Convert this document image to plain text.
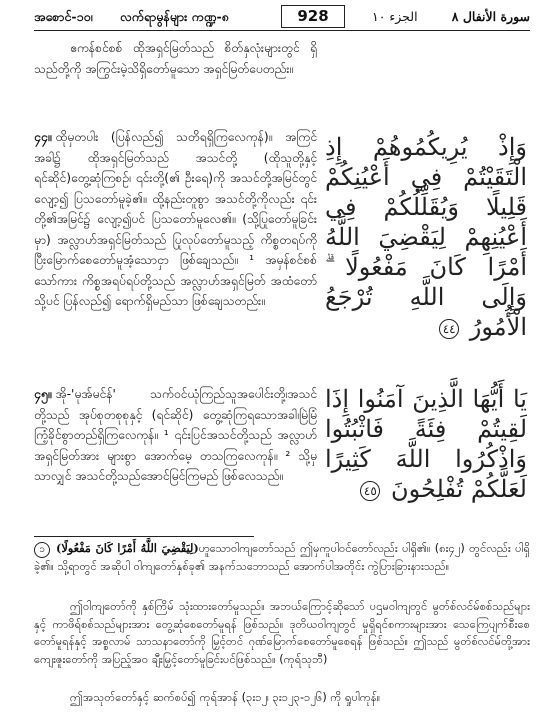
အစောင်-၁၀၊ လက်ရာမွန်များ ကဏ္ဍ-၈	928	الجزء ١٠	سورة الأنفال ٨
ဧကန်စင်စစ် ထိုအရှင်မြတ်သည် စိတ်နှလုံးများတွင် ရှိသည်တို့ကို အကြွင်းမဲ့သိရှိတော်မူသော အရှင်မြတ်ပေတည်း။
၄၄။ ထိုမှတပါး (ပြန်လည်၍ သတိရရှိကြလေကုန်)။ အကြင်အခါ၌ ထိုအရှင်မြတ်သည် အသင်တို့ (ထိုသူတို့နှင့် ရင်ဆိုင်)တွေ့ဆုံကြစဉ်၊ ၎င်းတို့(၏ ဦးရေ)ကို အသင်တို့အမြင်တွင် လျော့၍ ပြသတော်မူခဲ့၏။ ထို့နည်းတူစွာ အသင်တို့ကိုလည်း ၎င်းတို့၏အမြင်၌ လျော့၍ပင် ပြသတော်မူလေ၏။ (သို့ပြုတော်မူခြင်းမှာ) အလ္လာဟ်အရှင်မြတ်သည် ပြုလုပ်တော်မူသည့် ကိစ္စတရပ်ကို ပြီးမြောက်စေတော်မူအံ့သောငှာ ဖြစ်ချေသည်။ ¹ အမှန်စင်စစ်သော်ကား ကိစ္စအရပ်ရပ်တို့သည် အလ္လာဟ်အရှင်မြတ် အထံတော်သို့ပင် ပြန်လည်၍ ရောက်ရှိမည်သာ ဖြစ်ချေသတည်း။
၄၅။ အို-'မုအ်မင်န်' သက်ဝင်ယုံကြည်သူအပေါင်းတို့၊အသင်တို့သည် အုပ်စုတစုစုနှင့် (ရင်ဆိုင်) တွေ့ဆုံကြရသောအခါ၊မြဲမြံကြံ့ခိုင်စွာတည်ရှိကြလေကုန်။ ¹ ၎င်းပြင်အသင်တို့သည် အလ္လာဟ်အရှင်မြတ်အား များစွာ အောက်မေ့ တသကြလေကုန်။ ² သို့မှသာလျှင် အသင်တို့သည်အောင်မြင်ကြမည် ဖြစ်လေသည်။
وَإِذْ يُرِيكُمُوهُمْ إِذِ الْتَقَيْتُمْ فِي أَعْيُنِكُمْ قَلِيلًا وَيُقَلِّلُكُمْ فِي أَعْيُنِهِمْ لِيَقْضِيَ اللَّهُ أَمْرًا كَانَ مَفْعُولًا ۗ وَإِلَى اللَّهِ تُرْجَعُ الْأُمُورُ ٤٤
يَا أَيُّهَا الَّذِينَ آمَنُوا إِذَا لَقِيتُمْ فِئَةً فَاثْبُتُوا وَاذْكُرُوا اللَّهَ كَثِيرًا لَعَلَّكُمْ تُفْلِحُونَ ٤٥
၁ (لِيَقْضِيَ اللَّهُ أَمْرًا كَانَ مَفْعُولًا)ဟူသောဝါကျတော်သည် ဤမှကူပါဝင်တော်လည်း ပါရှိ၏။ (၈း၄၂) တွင်လည်း ပါရှိခဲ့၏။ သို့ရာတွင် အဆိုပါ ဝါကျတော်နှစ်ခု၏ အနက်သဘောသည် အောက်ပါအတိုင်း ကွဲပြားခြားနားသည်။
ဤဝါကျတော်ကို နှစ်ကြိမ် သုံးထားတော်မူသည်။ အဘယ်ကြောင့်ဆိုသော် ပဌမဝါကျတွင် မွတ်စ်လင်မ်စစ်သည်များနှင့် ကာဖိရ်စစ်သည်များအား တွေ့ဆုံစေတော်မူရန် ဖြစ်သည်။ ဒုတိယဝါကျတွင် မှုရှိရင်စကားများအား သေကြေပျက်စီးစေတော်မူရန်နှင့် အစ္စလာမ် သာသနာတော်ကို မြှင့်တင် ဂုဏ်မြောက်စေတော်မူစေရန် ဖြစ်သည်။ ဤသည် မွတ်စ်လင်မ်တို့အား ကျေးဇူးတော်ကို အပြည့်အဝ ချီးမြှင့်တော်မူခြင်းပင်ဖြစ်သည်။ (ကုရ်သုဘီ)
ဤအသုတ်တော်နှင့် ဆက်စပ်၍ ကုရ်အာန် (၃း၁၂၊ ၃း၁၂၃-၁၂၆) ကို ရှုပါကုန်။
